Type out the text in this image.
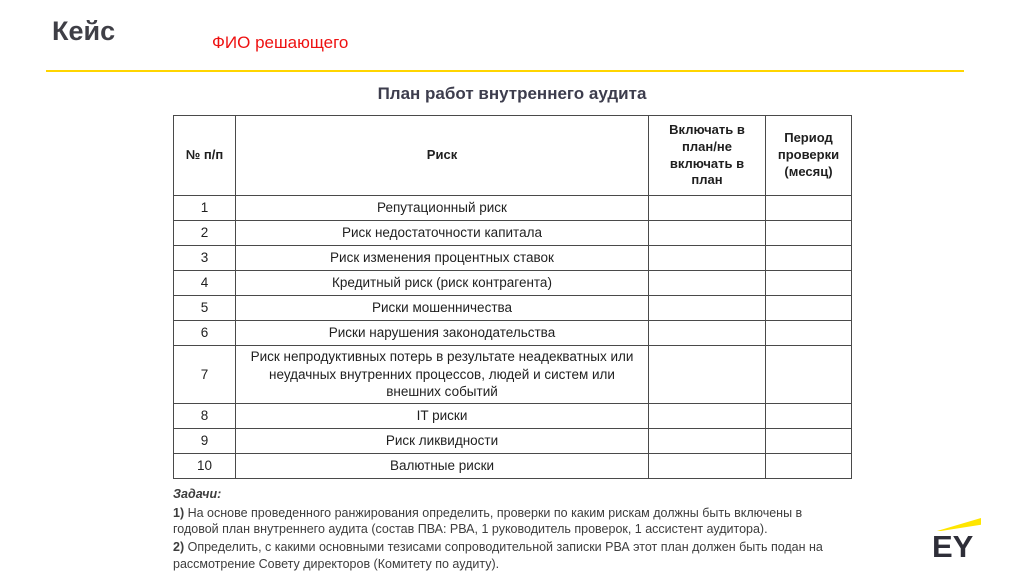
Кейс	ФИО решающего
План работ внутреннего аудита
№ п/п	Риск	Включать в план/не включать в план	Период проверки (месяц)
1	Репутационный риск		
2	Риск недостаточности капитала		
3	Риск изменения процентных ставок		
4	Кредитный риск (риск контрагента)		
5	Риски мошенничества		
6	Риски нарушения законодательства		
7	Риск непродуктивных потерь в результате неадекватных или неудачных внутренних процессов, людей и систем или внешних событий		
8	IT риски		
9	Риск ликвидности		
10	Валютные риски		
Задачи:
1) На основе проведенного ранжирования определить, проверки по каким рискам должны быть включены в годовой план внутреннего аудита (состав ПВА: РВА, 1 руководитель проверок, 1 ассистент аудитора).
2) Определить, с какими основными тезисами сопроводительной записки РВА этот план должен быть подан на рассмотрение Совету директоров (Комитету по аудиту).
EY
